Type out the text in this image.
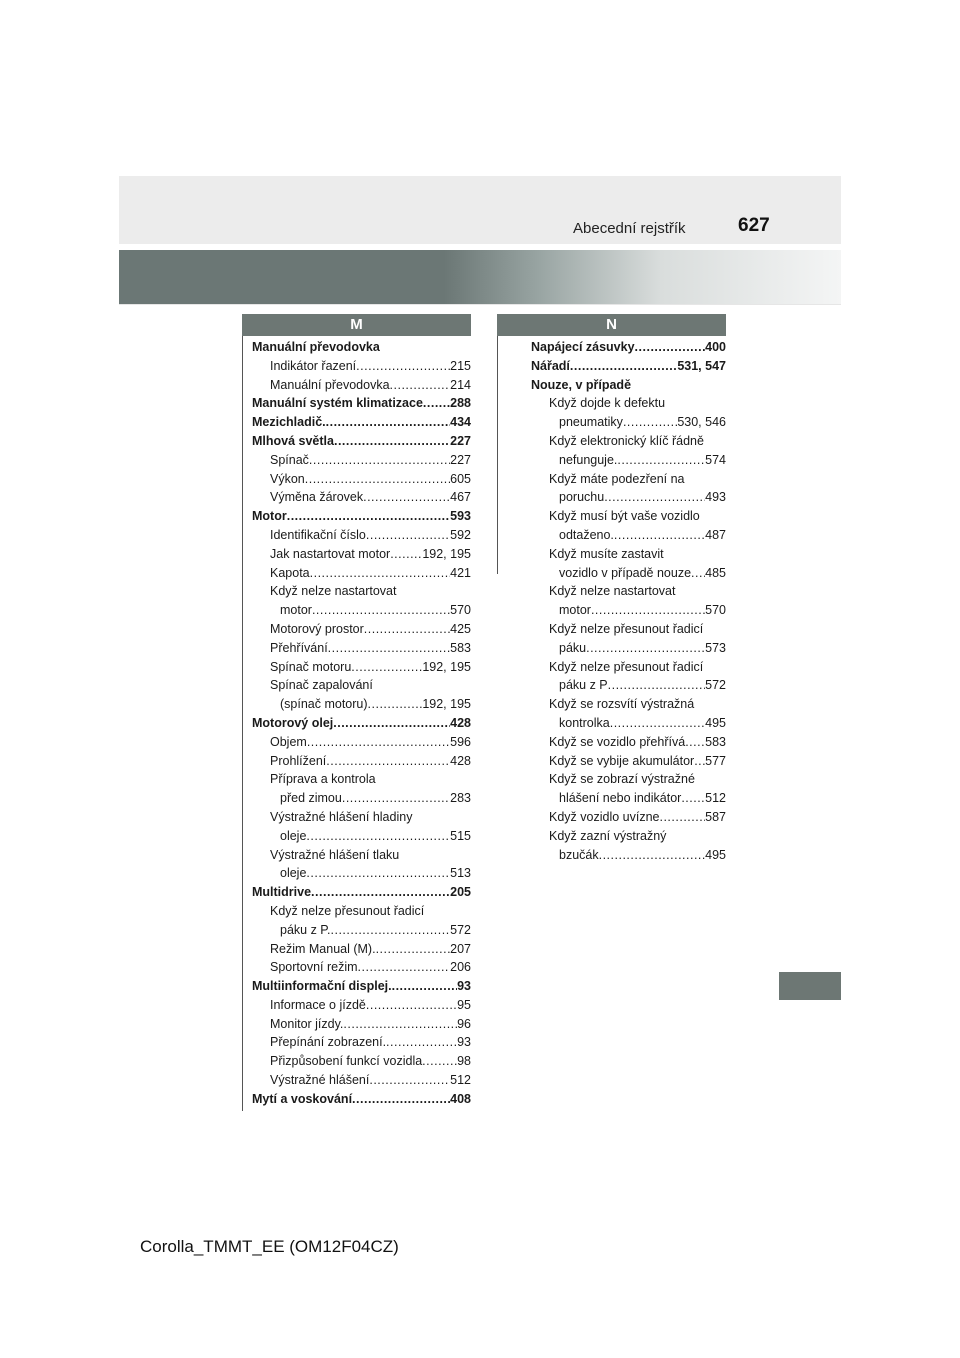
Abecední rejstřík	627
M
Manuální převodovka
Indikátor řazení .....	215
Manuální převodovka .....	214
Manuální systém klimatizace ..... 288
Mezichladič. .....	434
Mlhová světla .....	227
Spínač .....	227
Výkon .....	605
Výměna žárovek .....	467
Motor .....	593
Identifikační číslo .....	592
Jak nastartovat motor .....	192, 195
Kapota .....	421
Když nelze nastartovat
motor .....	570
Motorový prostor .....	425
Přehřívání .....	583
Spínač motoru .....	192, 195
Spínač zapalování
(spínač motoru) .....	192, 195
Motorový olej .....	428
Objem .....	596
Prohlížení .....	428
Příprava a kontrola
před zimou .....	283
Výstražné hlášení hladiny
oleje .....	515
Výstražné hlášení tlaku
oleje .....	513
Multidrive .....	205
Když nelze přesunout řadicí
páku z P. .....	572
Režim Manual (M). .....	207
Sportovní režim .....	206
Multiinformační displej. .....	93
Informace o jízdě .....	95
Monitor jízdy. .....	96
Přepínání zobrazení. .....	93
Přizpůsobení funkcí vozidla .....	98
Výstražné hlášení .....	512
Mytí a voskování .....	408
N
Napájecí zásuvky .....	400
Nářadí .....	531, 547
Nouze, v případě
Když dojde k defektu
pneumatiky .....	530, 546
Když elektronický klíč řádně
nefunguje. .....	574
Když máte podezření na
poruchu .....	493
Když musí být vaše vozidlo
odtaženo. .....	487
Když musíte zastavit
vozidlo v případě nouze ..... 485
Když nelze nastartovat
motor .....	570
Když nelze přesunout řadicí
páku .....	573
Když nelze přesunout řadicí
páku z P .....	572
Když se rozsvítí výstražná
kontrolka .....	495
Když se vozidlo přehřívá ..... 583
Když se vybije akumulátor ..... 577
Když se zobrazí výstražné
hlášení nebo indikátor ..... 512
Když vozidlo uvízne .....	587
Když zazní výstražný
bzučák .....	495
Corolla_TMMT_EE (OM12F04CZ)
